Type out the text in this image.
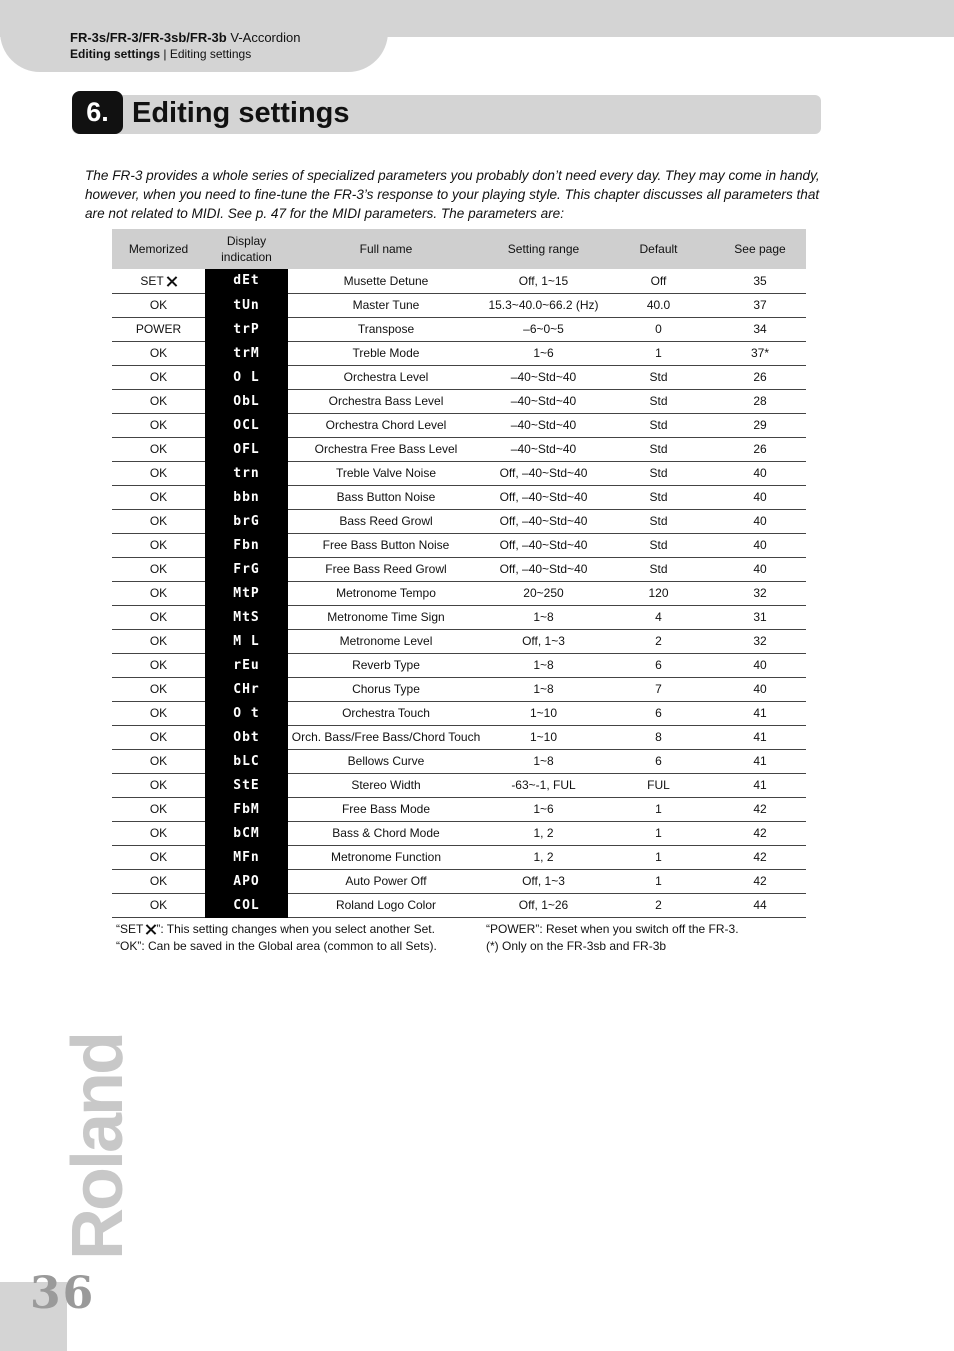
FR-3s/FR-3/FR-3sb/FR-3b V-Accordion
Editing settings | Editing settings
6. Editing settings

The FR-3 provides a whole series of specialized parameters you probably don’t need every day. They may come in handy, however, when you need to fine-tune the FR-3’s response to your playing style. This chapter discusses all parameters that are not related to MIDI. See p. 47 for the MIDI parameters. The parameters are:

Memorized	Display
indication	Full name	Setting range	Default	See page
SET	dEt	Musette Detune	Off, 1~15	Off	35
OK	tUn	Master Tune	15.3~40.0~66.2 (Hz)	40.0	37
POWER	trP	Transpose	–6~0~5	0	34
OK	trM	Treble Mode	1~6	1	37*
OK	O L	Orchestra Level	–40~Std~40	Std	26
OK	ObL	Orchestra Bass Level	–40~Std~40	Std	28
OK	OCL	Orchestra Chord Level	–40~Std~40	Std	29
OK	OFL	Orchestra Free Bass Level	–40~Std~40	Std	26
OK	trn	Treble Valve Noise	Off, –40~Std~40	Std	40
OK	bbn	Bass Button Noise	Off, –40~Std~40	Std	40
OK	brG	Bass Reed Growl	Off, –40~Std~40	Std	40
OK	Fbn	Free Bass Button Noise	Off, –40~Std~40	Std	40
OK	FrG	Free Bass Reed Growl	Off, –40~Std~40	Std	40
OK	MtP	Metronome Tempo	20~250	120	32
OK	MtS	Metronome Time Sign	1~8	4	31
OK	M L	Metronome Level	Off, 1~3	2	32
OK	rEu	Reverb Type	1~8	6	40
OK	CHr	Chorus Type	1~8	7	40
OK	O t	Orchestra Touch	1~10	6	41
OK	Obt	Orch. Bass/Free Bass/Chord Touch	1~10	8	41
OK	bLC	Bellows Curve	1~8	6	41
OK	StE	Stereo Width	-63~-1, FUL	FUL	41
OK	FbM	Free Bass Mode	1~6	1	42
OK	bCM	Bass & Chord Mode	1, 2	1	42
OK	MFn	Metronome Function	1, 2	1	42
OK	APO	Auto Power Off	Off, 1~3	1	42
OK	COL	Roland Logo Color	Off, 1~26	2	44
“SET ”: This setting changes when you select another Set.
“OK”: Can be saved in the Global area (common to all Sets).
“POWER”: Reset when you switch off the FR-3.
(*) Only on the FR-3sb and FR-3b
Roland
36
